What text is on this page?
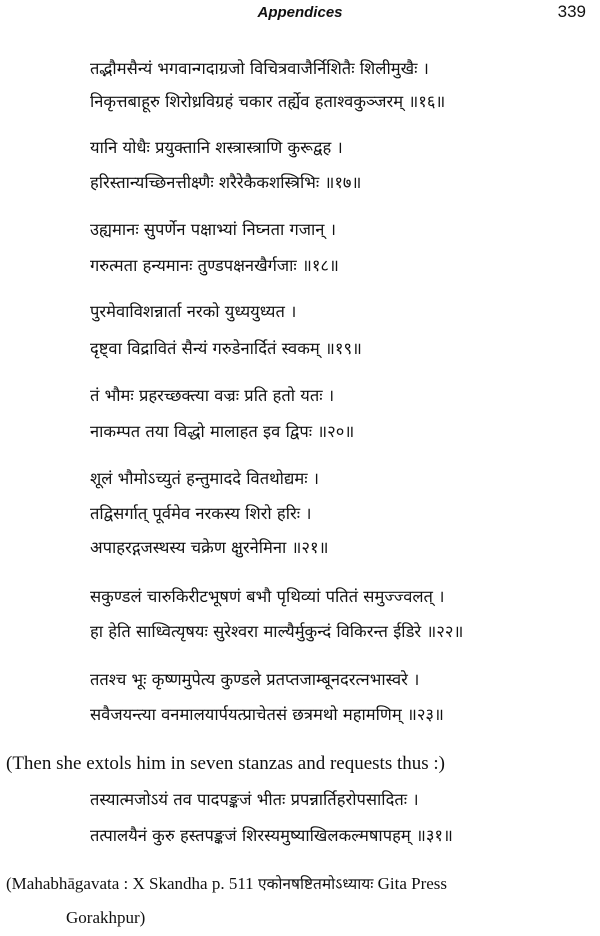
Appendices	339
तद्भौमसैन्यं भगवान्गदाग्रजो विचित्रवाजैर्निशितैः शिलीमुखैः ।
निकृत्तबाहूरु शिरोध्रविग्रहं चकार तर्ह्येव हताश्वकुञ्जरम् ॥१६॥
यानि योधैः प्रयुक्तानि शस्त्रास्त्राणि कुरूद्वह ।
हरिस्तान्यच्छिनत्तीक्ष्णैः शरैरेकैकशस्त्रिभिः ॥१७॥
उह्यमानः सुपर्णेन पक्षाभ्यां निघ्नता गजान् ।
गरुत्मता हन्यमानः तुण्डपक्षनखैर्गजाः ॥१८॥
पुरमेवाविशन्नार्ता नरको युध्ययुध्यत ।
दृष्ट्वा विद्रावितं सैन्यं गरुडेनार्दितं स्वकम् ॥१९॥
तं भौमः प्रहरच्छक्त्या वज्रः प्रति हतो यतः ।
नाकम्पत तया विद्धो मालाहत इव द्विपः ॥२०॥
शूलं भौमोऽच्युतं हन्तुमाददे वितथोद्यमः ।
तद्विसर्गात् पूर्वमेव नरकस्य शिरो हरिः ।
अपाहरद्गजस्थस्य चक्रेण क्षुरनेमिना ॥२१॥
सकुण्डलं चारुकिरीटभूषणं बभौ पृथिव्यां पतितं समुज्ज्वलत् ।
हा हेति साध्वित्यृषयः सुरेश्वरा माल्यैर्मुकुन्दं विकिरन्त ईडिरे ॥२२॥
ततश्च भूः कृष्णमुपेत्य कुण्डले प्रतप्तजाम्बूनदरत्नभास्वरे ।
सवैजयन्त्या वनमालयार्पयत्प्राचेतसं छत्रमथो महामणिम् ॥२३॥
(Then she extols him in seven stanzas and requests thus :)
तस्यात्मजोऽयं तव पादपङ्कजं भीतः प्रपन्नार्तिहरोपसादितः ।
तत्पालयैनं कुरु हस्तपङ्कजं शिरस्यमुष्याखिलकल्मषापहम् ॥३१॥
(Mahabhāgavata : X Skandha p. 511 एकोनषष्टितमोऽध्यायः Gita Press
Gorakhpur)
